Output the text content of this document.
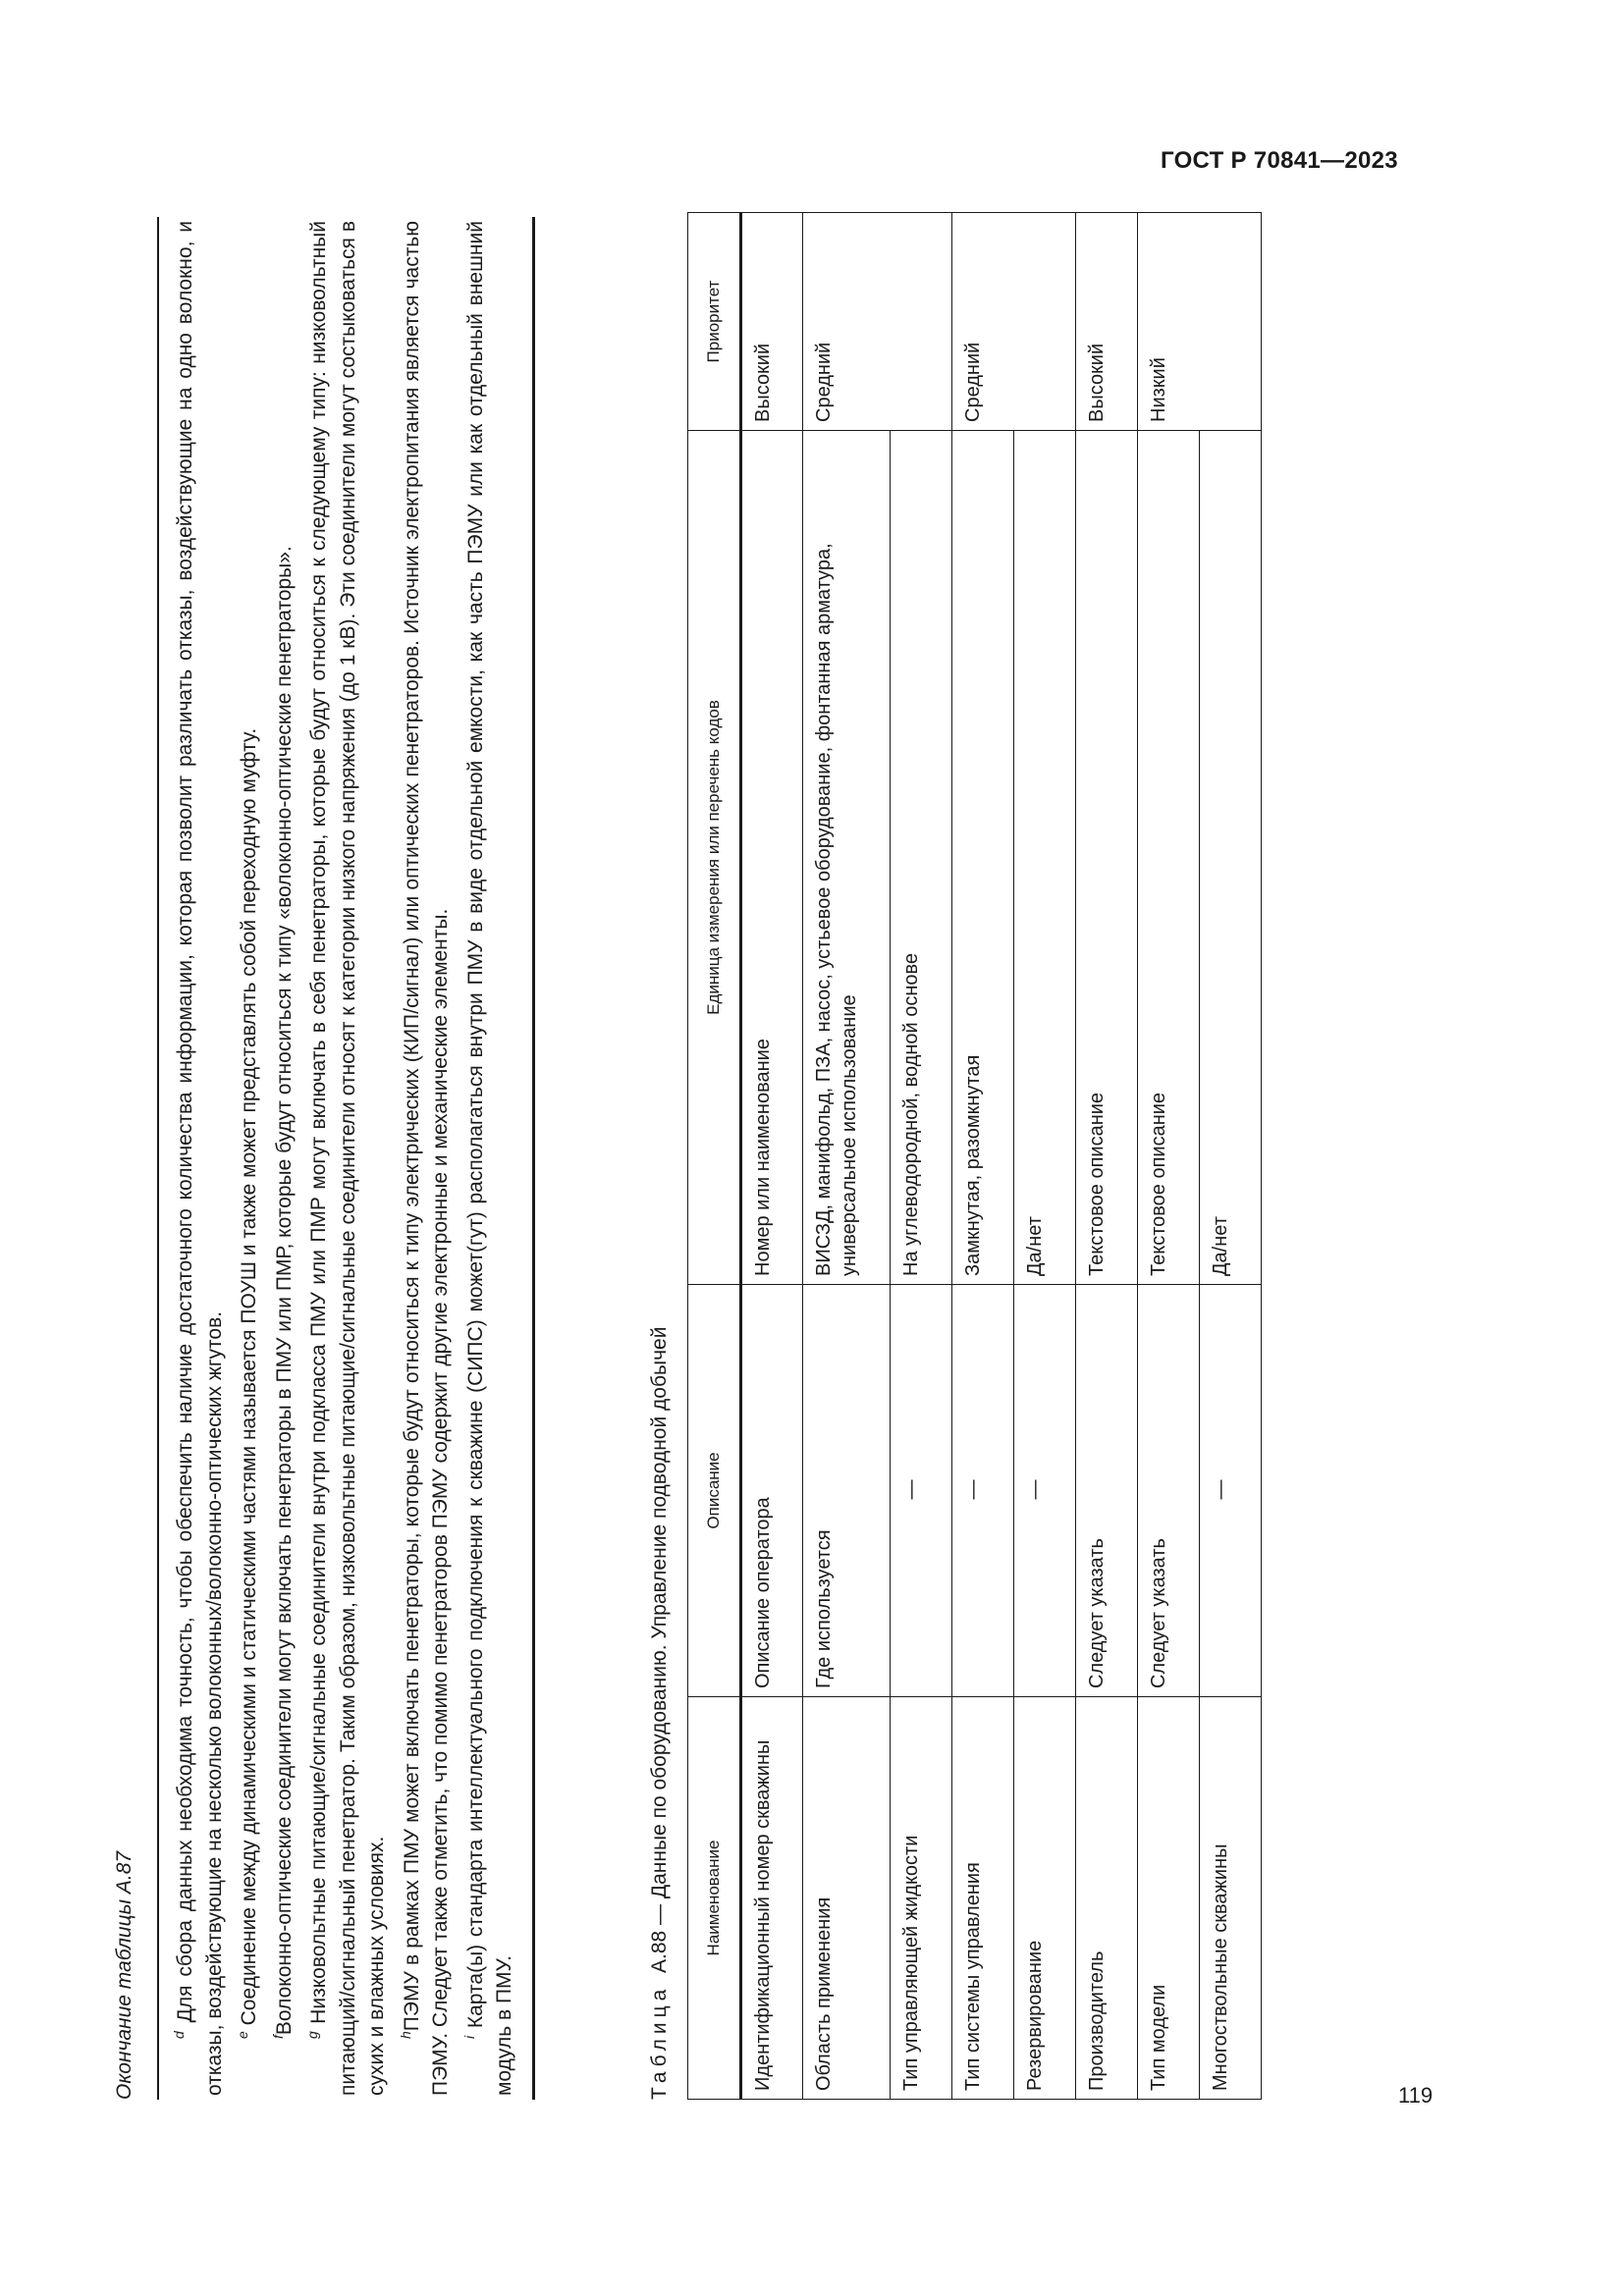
ГОСТ Р 70841—2023
119
Окончание таблицы А.87	$^d$ Для сбора данных необходима точность, чтобы обеспечить наличие достаточного количества информации, которая позволит различать отказы, воздействующие на одно волокно, и отказы, воздействующие на несколько волоконных/волоконно-оптических жгутов. $^e$ Соединение между динамическими и статическими частями называется ПОУШ и также может представлять собой переходную муфту.

$^f$Волоконно-оптические соединители могут включать пенетраторы в ПМУ или ПМР, которые будут относиться к типу «волоконно-оптические пенетраторы». $^g$ Низковольтные питающие/сигнальные соединители внутри подкласса ПМУ или ПМР могут включать в себя пенетраторы, которые будут относиться к следующему типу: низковольтный питающий/сигнальный пенетратор. Таким образом, низковольтные питающие/сигнальные соединители относят к категории низкого напряжения (до 1 кВ). Эти соединители могут состыковаться в сухих и влажных условиях. $^h$ПЭМУ в рамках ПМУ может включать пенетраторы, которые будут относиться к типу электрических (КИП/сигнал) или оптических пенетраторов. Источник электропитания является частью ПЭМУ. Следует также отметить, что помимо пенетраторов ПЭМУ содержит другие электронные и механические элементы. $^i$ Карта(ы) стандарта интеллектуального подключения к скважине (СИПС) может(гут) располагаться внутри ПМУ в виде отдельной емкости, как часть ПЭМУ или как отдельный внешний модуль в ПМУ.	Таблица  А.88 — Данные по оборудованию. Управление подводной добычей Наименование	Описание	Единица измерения или перечень кодов	Приоритет
Идентификационный номер скважины	Описание оператора	Номер или наименование	Высокий
Область применения	Где используется	ВИСЗД, манифольд, ПЗА, насос, устьевое оборудование, фонтанная арматура, универсальное использование	Средний
Тип управляющей жидкости	—	На углеводородной, водной основе	
Тип системы управления	—	Замкнутая, разомкнутая	Средний
Резервирование	—	Да/нет	
Производитель	Следует указать	Текстовое описание	Высокий
Тип модели	Следует указать	Текстовое описание	Низкий
Многоствольные скважины	—	Да/нет	
